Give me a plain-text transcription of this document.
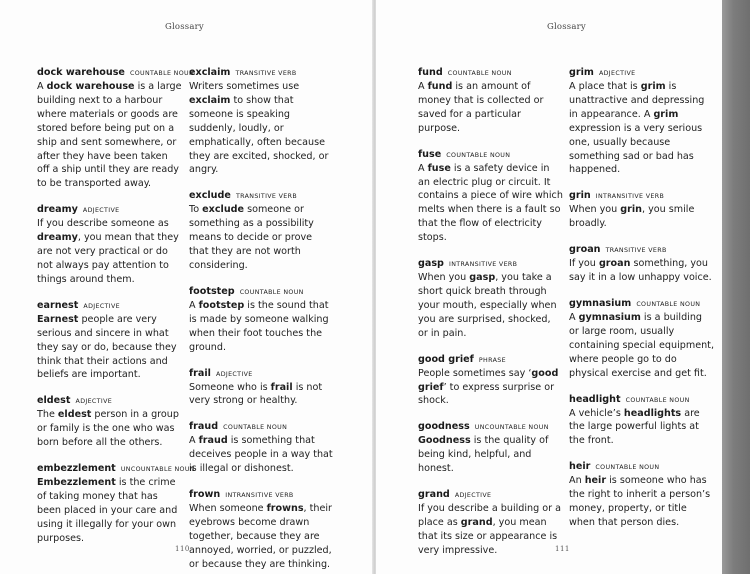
Glossary
dock warehouse COUNTABLE NOUN
A dock warehouse is a large building next to a harbour where materials or goods are stored before being put on a ship and sent somewhere, or after they have been taken off a ship until they are ready to be transported away.
dreamy ADJECTIVE
If you describe someone as dreamy, you mean that they are not very practical or do not always pay attention to things around them.
earnest ADJECTIVE
Earnest people are very serious and sincere in what they say or do, because they think that their actions and beliefs are important.
eldest ADJECTIVE
The eldest person in a group or family is the one who was born before all the others.
embezzlement UNCOUNTABLE NOUN
Embezzlement is the crime of taking money that has been placed in your care and using it illegally for your own purposes.
exclaim TRANSITIVE VERB
Writers sometimes use exclaim to show that someone is speaking suddenly, loudly, or emphatically, often because they are excited, shocked, or angry.
exclude TRANSITIVE VERB
To exclude someone or something as a possibility means to decide or prove that they are not worth considering.
footstep COUNTABLE NOUN
A footstep is the sound that is made by someone walking when their foot touches the ground.
frail ADJECTIVE
Someone who is frail is not very strong or healthy.
fraud COUNTABLE NOUN
A fraud is something that deceives people in a way that is illegal or dishonest.
frown INTRANSITIVE VERB
When someone frowns, their eyebrows become drawn together, because they are annoyed, worried, or puzzled, or because they are thinking.
110
Glossary
fund COUNTABLE NOUN
A fund is an amount of money that is collected or saved for a particular purpose.
fuse COUNTABLE NOUN
A fuse is a safety device in an electric plug or circuit. It contains a piece of wire which melts when there is a fault so that the flow of electricity stops.
gasp INTRANSITIVE VERB
When you gasp, you take a short quick breath through your mouth, especially when you are surprised, shocked, or in pain.
good grief PHRASE
People sometimes say ‘good grief’ to express surprise or shock.
goodness UNCOUNTABLE NOUN
Goodness is the quality of being kind, helpful, and honest.
grand ADJECTIVE
If you describe a building or a place as grand, you mean that its size or appearance is very impressive.
grim ADJECTIVE
A place that is grim is unattractive and depressing in appearance. A grim expression is a very serious one, usually because something sad or bad has happened.
grin INTRANSITIVE VERB
When you grin, you smile broadly.
groan TRANSITIVE VERB
If you groan something, you say it in a low unhappy voice.
gymnasium COUNTABLE NOUN
A gymnasium is a building or large room, usually containing special equipment, where people go to do physical exercise and get fit.
headlight COUNTABLE NOUN
A vehicle’s headlights are the large powerful lights at the front.
heir COUNTABLE NOUN
An heir is someone who has the right to inherit a person’s money, property, or title when that person dies.
111
